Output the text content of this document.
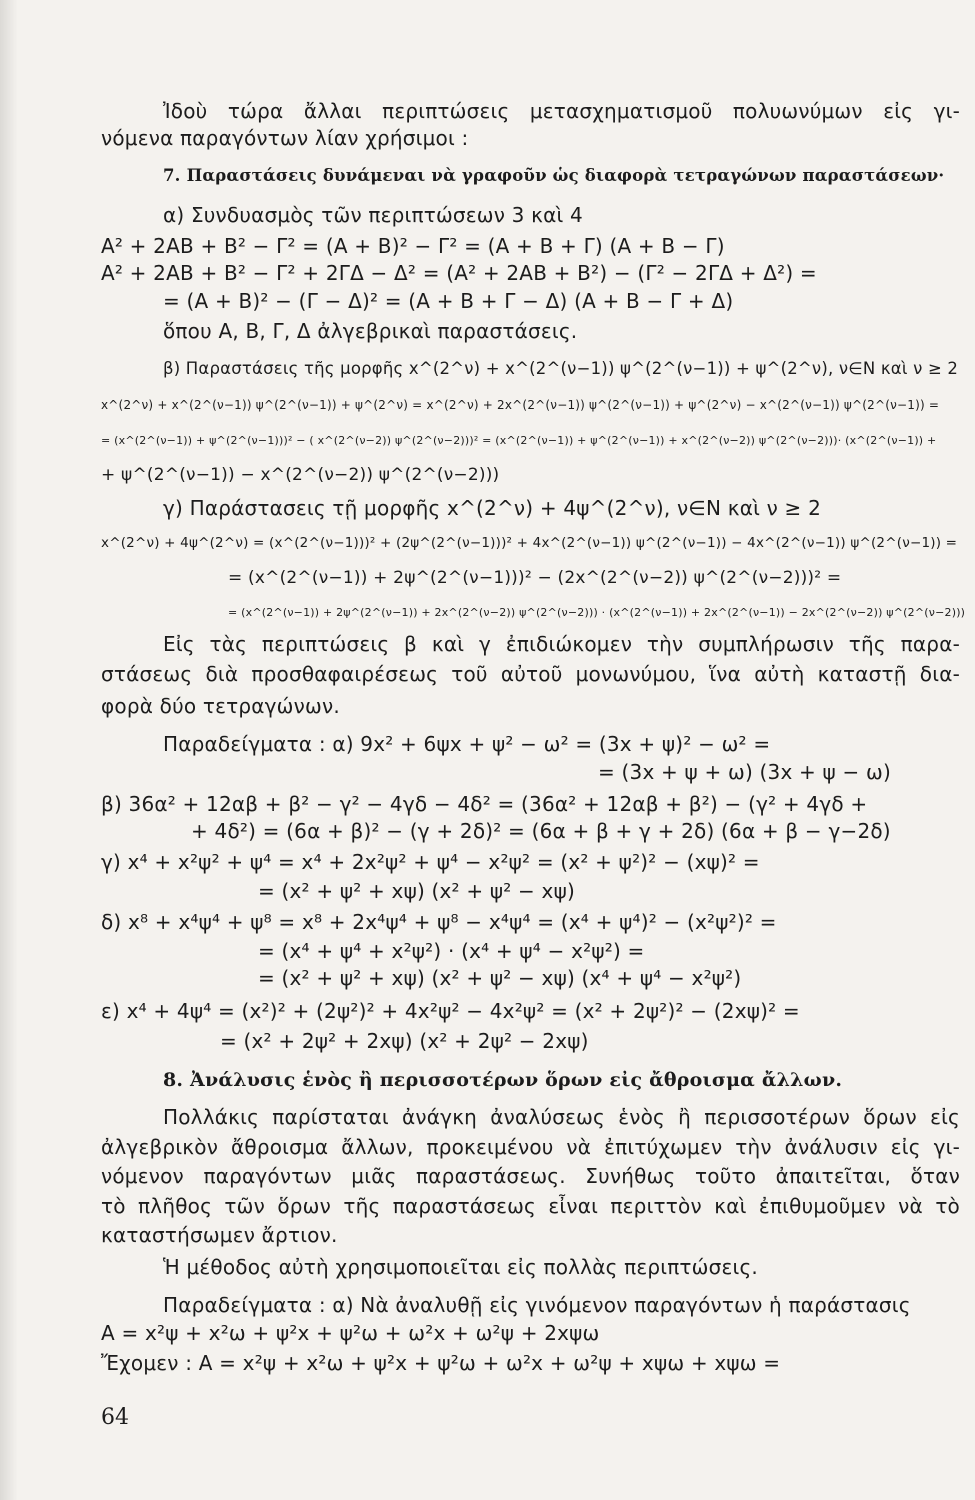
Ἰδοὺ τώρα ἄλλαι περιπτώσεις μετασχηματισμοῦ πολυωνύμων εἰς γι-
νόμενα παραγόντων λίαν χρήσιμοι :
7. Παραστάσεις δυνάμεναι νὰ γραφοῦν ὡς διαφορὰ τετραγώνων παραστάσεων·
α) Συνδυασμὸς τῶν περιπτώσεων 3 καὶ 4
A² + 2AB + B² − Γ² = (A + B)² − Γ² = (A + B + Γ) (A + B − Γ)
A² + 2AB + B² − Γ² + 2ΓΔ − Δ² = (A² + 2AB + B²) − (Γ² − 2ΓΔ + Δ²) =
= (A + B)² − (Γ − Δ)² = (A + B + Γ − Δ) (A + B − Γ + Δ)
ὅπου A, B, Γ, Δ ἀλγεβρικαὶ παραστάσεις.
β) Παραστάσεις τῆς μορφῆς x^(2^ν) + x^(2^(ν−1)) ψ^(2^(ν−1)) + ψ^(2^ν), ν∈N καὶ ν ≥ 2
x^(2^ν) + x^(2^(ν−1)) ψ^(2^(ν−1)) + ψ^(2^ν) = x^(2^ν) + 2x^(2^(ν−1)) ψ^(2^(ν−1)) + ψ^(2^ν) − x^(2^(ν−1)) ψ^(2^(ν−1)) =
= (x^(2^(ν−1)) + ψ^(2^(ν−1)))² − ( x^(2^(ν−2)) ψ^(2^(ν−2)))² = (x^(2^(ν−1)) + ψ^(2^(ν−1)) + x^(2^(ν−2)) ψ^(2^(ν−2)))· (x^(2^(ν−1)) +
+ ψ^(2^(ν−1)) − x^(2^(ν−2)) ψ^(2^(ν−2)))
γ) Παράστασεις τῇ μορφῆς x^(2^ν) + 4ψ^(2^ν), ν∈N καὶ ν ≥ 2
x^(2^ν) + 4ψ^(2^ν) = (x^(2^(ν−1)))² + (2ψ^(2^(ν−1)))² + 4x^(2^(ν−1)) ψ^(2^(ν−1)) − 4x^(2^(ν−1)) ψ^(2^(ν−1)) =
= (x^(2^(ν−1)) + 2ψ^(2^(ν−1)))² − (2x^(2^(ν−2)) ψ^(2^(ν−2)))² =
= (x^(2^(ν−1)) + 2ψ^(2^(ν−1)) + 2x^(2^(ν−2)) ψ^(2^(ν−2))) · (x^(2^(ν−1)) + 2x^(2^(ν−1)) − 2x^(2^(ν−2)) ψ^(2^(ν−2)))
Εἰς τὰς περιπτώσεις β καὶ γ ἐπιδιώκομεν τὴν συμπλήρωσιν τῆς παρα-
στάσεως διὰ προσθαφαιρέσεως τοῦ αὐτοῦ μονωνύμου, ἵνα αὐτὴ καταστῇ δια-
φορὰ δύο τετραγώνων.
Παραδείγματα : α) 9x² + 6ψx + ψ² − ω² = (3x + ψ)² − ω² =
= (3x + ψ + ω) (3x + ψ − ω)
β) 36α² + 12αβ + β² − γ² − 4γδ − 4δ² = (36α² + 12αβ + β²) − (γ² + 4γδ +
+ 4δ²) = (6α + β)² − (γ + 2δ)² = (6α + β + γ + 2δ) (6α + β − γ−2δ)
γ) x⁴ + x²ψ² + ψ⁴ = x⁴ + 2x²ψ² + ψ⁴ − x²ψ² = (x² + ψ²)² − (xψ)² =
= (x² + ψ² + xψ) (x² + ψ² − xψ)
δ) x⁸ + x⁴ψ⁴ + ψ⁸ = x⁸ + 2x⁴ψ⁴ + ψ⁸ − x⁴ψ⁴ = (x⁴ + ψ⁴)² − (x²ψ²)² =
= (x⁴ + ψ⁴ + x²ψ²) · (x⁴ + ψ⁴ − x²ψ²) =
= (x² + ψ² + xψ) (x² + ψ² − xψ) (x⁴ + ψ⁴ − x²ψ²)
ε) x⁴ + 4ψ⁴ = (x²)² + (2ψ²)² + 4x²ψ² − 4x²ψ² = (x² + 2ψ²)² − (2xψ)² =
= (x² + 2ψ² + 2xψ) (x² + 2ψ² − 2xψ)
8. Ἀνάλυσις ἑνὸς ἢ περισσοτέρων ὅρων εἰς ἄθροισμα ἄλλων.
Πολλάκις παρίσταται ἀνάγκη ἀναλύσεως ἑνὸς ἢ περισσοτέρων ὅρων εἰς
ἀλγεβρικὸν ἄθροισμα ἄλλων, προκειμένου νὰ ἐπιτύχωμεν τὴν ἀνάλυσιν εἰς γι-
νόμενον παραγόντων μιᾶς παραστάσεως. Συνήθως τοῦτο ἀπαιτεῖται, ὅταν
τὸ πλῆθος τῶν ὅρων τῆς παραστάσεως εἶναι περιττὸν καὶ ἐπιθυμοῦμεν νὰ τὸ
καταστήσωμεν ἄρτιον.
Ἡ μέθοδος αὐτὴ χρησιμοποιεῖται εἰς πολλὰς περιπτώσεις.
Παραδείγματα : α) Νὰ ἀναλυθῇ εἰς γινόμενον παραγόντων ἡ παράστασις
A = x²ψ + x²ω + ψ²x + ψ²ω + ω²x + ω²ψ + 2xψω
Ἔχομεν : A = x²ψ + x²ω + ψ²x + ψ²ω + ω²x + ω²ψ + xψω + xψω =
64
